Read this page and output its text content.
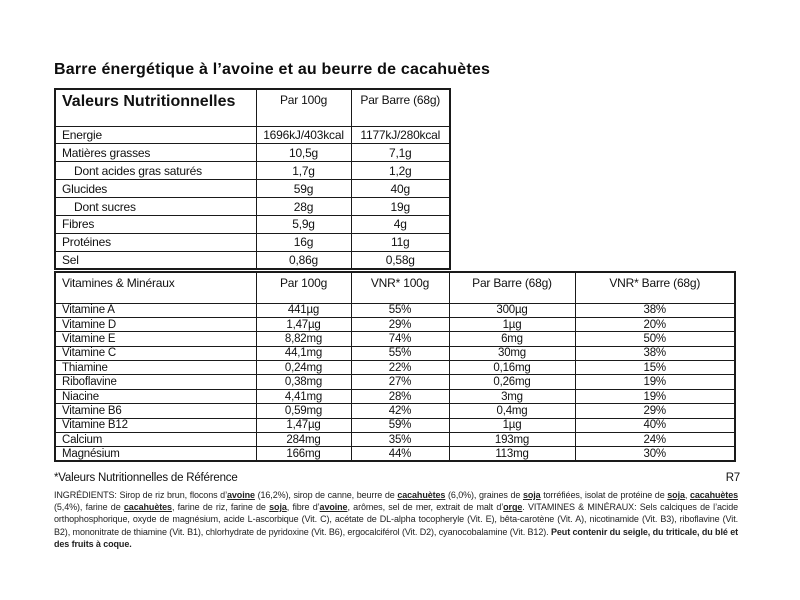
Barre énergétique à l’avoine et au beurre de cacahuètes
Valeurs Nutritionnelles	Par 100g	Par Barre (68g)
Energie	1696kJ/403kcal	1177kJ/280kcal
Matières grasses	10,5g	7,1g
Dont acides gras saturés	1,7g	1,2g
Glucides	59g	40g
Dont sucres	28g	19g
Fibres	5,9g	4g
Protéines	16g	11g
Sel	0,86g	0,58g
Vitamines & Minéraux	Par 100g	VNR* 100g	Par Barre (68g)	VNR* Barre (68g)
Vitamine A	441µg	55%	300µg	38%
Vitamine D	1,47µg	29%	1µg	20%
Vitamine E	8,82mg	74%	6mg	50%
Vitamine C	44,1mg	55%	30mg	38%
Thiamine	0,24mg	22%	0,16mg	15%
Riboflavine	0,38mg	27%	0,26mg	19%
Niacine	4,41mg	28%	3mg	19%
Vitamine B6	0,59mg	42%	0,4mg	29%
Vitamine B12	1,47µg	59%	1µg	40%
Calcium	284mg	35%	193mg	24%
Magnésium	166mg	44%	113mg	30%
*Valeurs Nutritionnelles de Référence	R7

INGRÉDIENTS: Sirop de riz brun, flocons d’avoine (16,2%), sirop de canne, beurre de cacahuètes (6,0%), graines de soja torréfiées, isolat de protéine de soja, cacahuètes (5,4%), farine de cacahuètes, farine de riz, farine de soja, fibre d’avoine, arômes, sel de mer, extrait de malt d’orge. VITAMINES & MINÉRAUX: Sels calciques de l’acide orthophosphorique, oxyde de magnésium, acide L-ascorbique (Vit. C), acétate de DL-alpha tocopheryle (Vit. E), bêta-carotène (Vit. A), nicotinamide (Vit. B3), riboflavine (Vit. B2), mononitrate de thiamine (Vit. B1), chlorhydrate de pyridoxine (Vit. B6), ergocalciférol (Vit. D2), cyanocobalamine (Vit. B12). Peut contenir du seigle, du triticale, du blé et des fruits à coque.
